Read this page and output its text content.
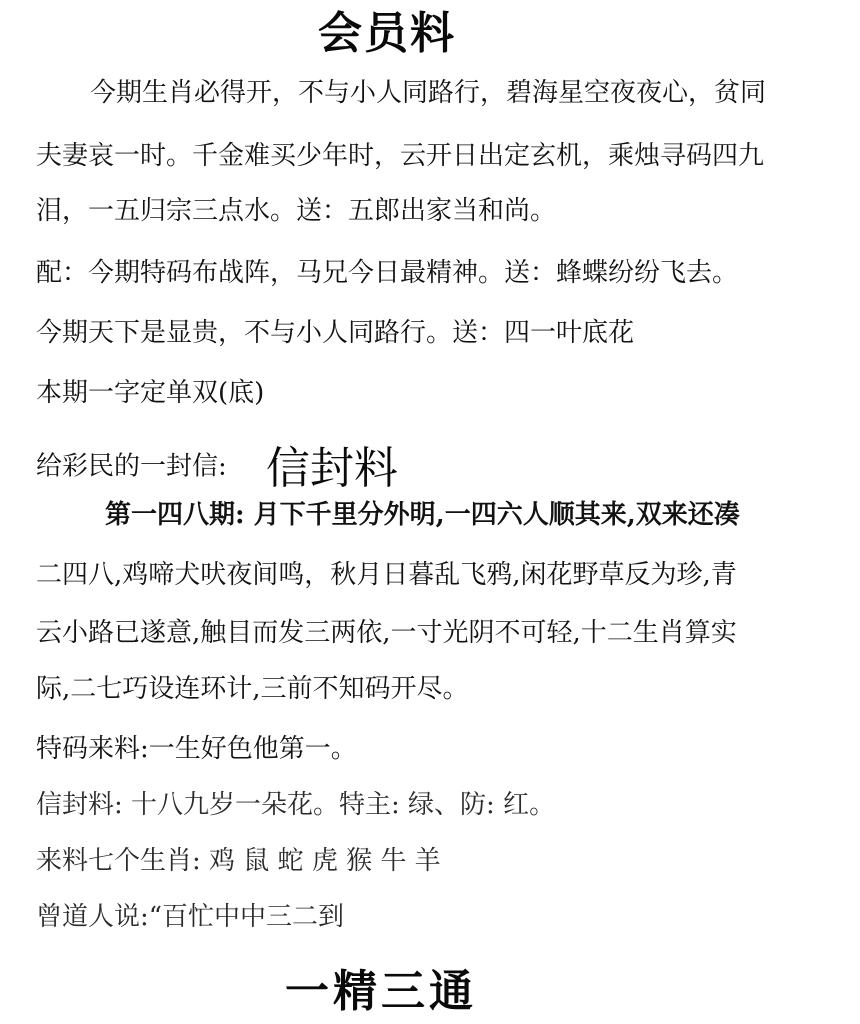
会员料
今期生肖必得开，不与小人同路行，碧海星空夜夜心，贫同
夫妻哀一时。千金难买少年时，云开日出定玄机，乘烛寻码四九
泪，一五归宗三点水。送：五郎出家当和尚。
配：今期特码布战阵，马兄今日最精神。送：蜂蝶纷纷飞去。
今期天下是显贵，不与小人同路行。送：四一叶底花
本期一字定单双(底)
给彩民的一封信: 信封料
第一四八期: 月下千里分外明,一四六人顺其来,双来还凑
二四八,鸡啼犬吠夜间鸣，秋月日暮乱飞鸦,闲花野草反为珍,青
云小路已遂意,触目而发三两依,一寸光阴不可轻,十二生肖算实
际,二七巧设连环计,三前不知码开尽。
特码来料:一生好色他第一。
信封料: 十八九岁一朵花。特主: 绿、防: 红。
来料七个生肖: 鸡 鼠 蛇 虎 猴 牛 羊
曾道人说:“百忙中中三二到
一精三通
